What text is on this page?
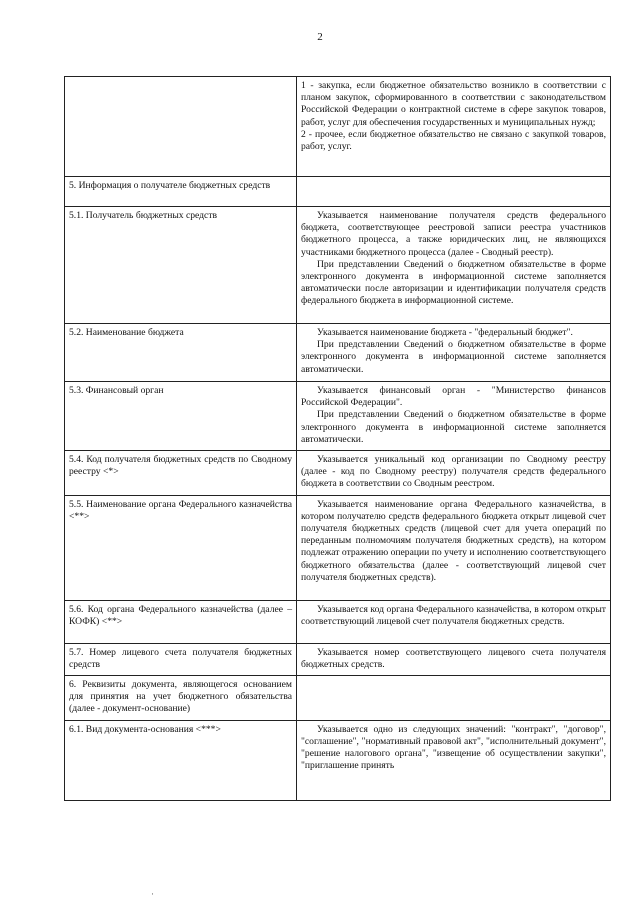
2

	1 - закупка, если бюджетное обязательство возникло в соответствии с планом закупок, сформированного в соответствии с законодательством Российской Федерации о контрактной системе в сфере закупок товаров, работ, услуг для обеспечения государственных и муниципальных нужд;

2 - прочее, если бюджетное обязательство не связано с закупкой товаров, работ, услуг.

5. Информация о получателе бюджетных средств	
5.1. Получатель бюджетных средств	Указывается наименование получателя средств федерального бюджета, соответствующее реестровой записи реестра участников бюджетного процесса, а также юридических лиц, не являющихся участниками бюджетного процесса (далее - Сводный реестр).

При представлении Сведений о бюджетном обязательстве в форме электронного документа в информационной системе заполняется автоматически после авторизации и идентификации получателя средств федерального бюджета в информационной системе.

5.2. Наименование бюджета	Указывается наименование бюджета - "федеральный бюджет".

При представлении Сведений о бюджетном обязательстве в форме электронного документа в информационной системе заполняется автоматически.

5.3. Финансовый орган	Указывается финансовый орган - "Министерство финансов Российской Федерации".

При представлении Сведений о бюджетном обязательстве в форме электронного документа в информационной системе заполняется автоматически.

5.4. Код получателя бюджетных средств по Сводному реестру <*>	Указывается уникальный код организации по Сводному реестру (далее - код по Сводному реестру) получателя средств федерального бюджета в соответствии со Сводным реестром.

5.5. Наименование органа Федерального казначейства <**>	Указывается наименование органа Федерального казначейства, в котором получателю средств федерального бюджета открыт лицевой счет получателя бюджетных средств (лицевой счет для учета операций по переданным полномочиям получателя бюджетных средств), на котором подлежат отражению операции по учету и исполнению соответствующего бюджетного обязательства (далее - соответствующий лицевой счет получателя бюджетных средств).

5.6. Код органа Федерального казначейства (далее – КОФК) <**>	Указывается код органа Федерального казначейства, в котором открыт соответствующий лицевой счет получателя бюджетных средств.

5.7. Номер лицевого счета получателя бюджетных средств	Указывается номер соответствующего лицевого счета получателя бюджетных средств.

6. Реквизиты документа, являющегося основанием для принятия на учет бюджетного обязательства (далее - документ-основание)	
6.1. Вид документа-основания <***>	Указывается одно из следующих значений: "контракт", "договор", "соглашение", "нормативный правовой акт", "исполнительный документ", "решение налогового органа", "извещение об осуществлении закупки", "приглашение принять

·
